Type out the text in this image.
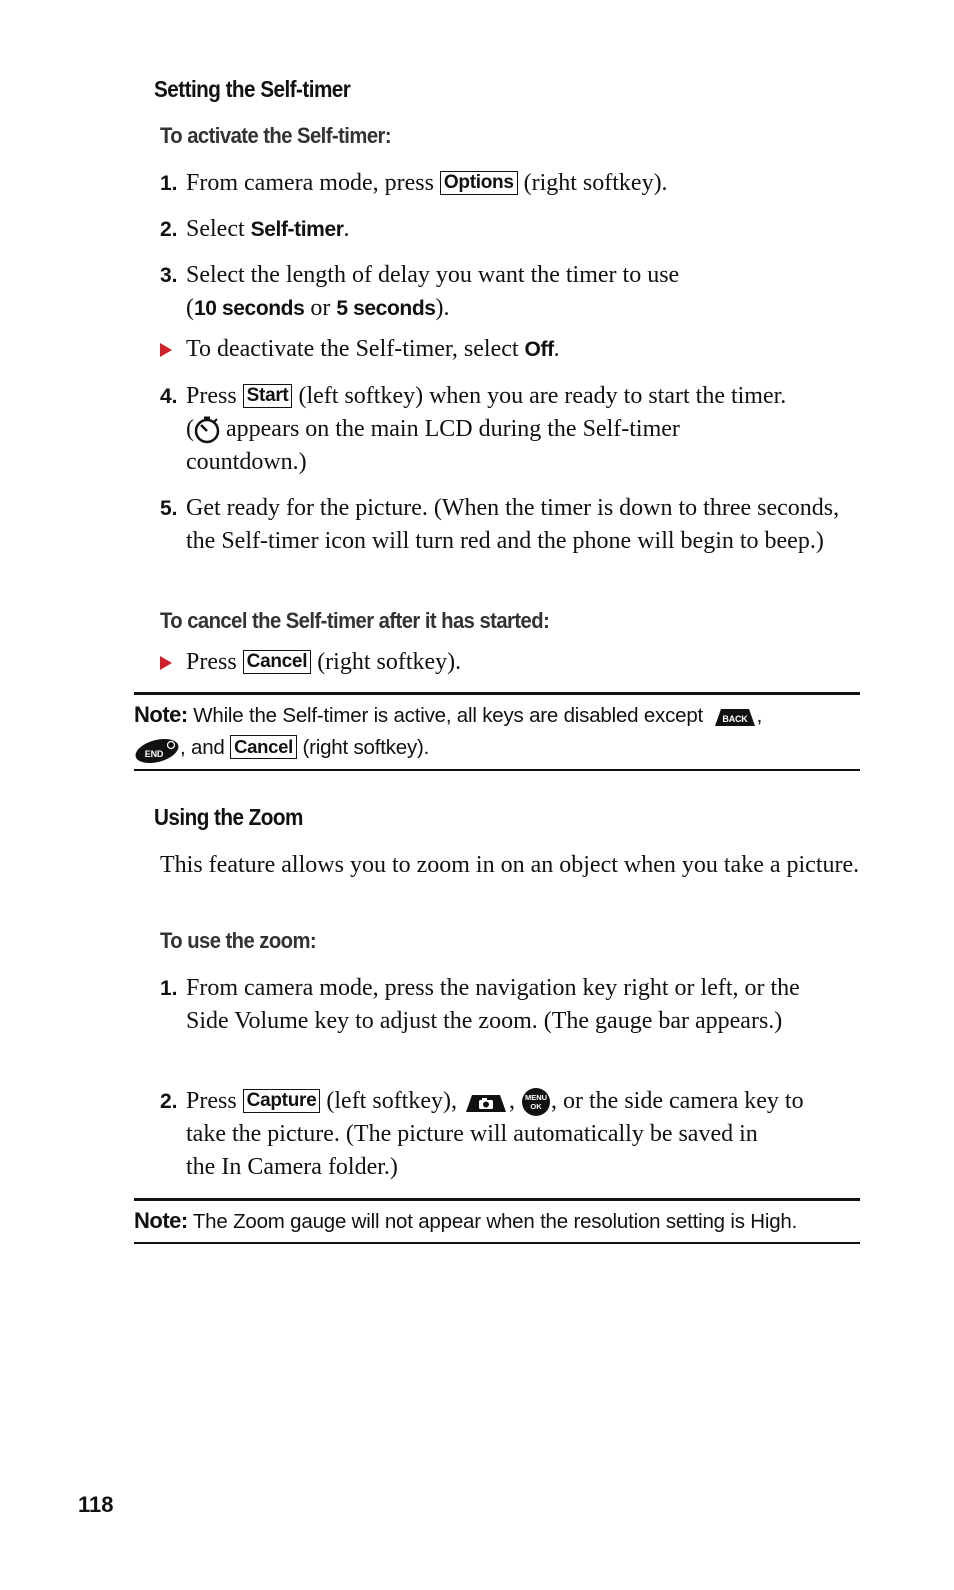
Setting the Self-timer
To activate the Self-timer:
1. From camera mode, press Options (right softkey).
2. Select Self-timer.
3. Select the length of delay you want the timer to use
(10 seconds or 5 seconds).
To deactivate the Self-timer, select Off.
4. Press Start (left softkey) when you are ready to start the timer.
( appears on the main LCD during the Self-timer
countdown.)
5. Get ready for the picture. (When the timer is down to three seconds, the Self-timer icon will turn red and the phone will begin to beep.)
To cancel the Self-timer after it has started:
Press Cancel (right softkey).
Note: While the Self-timer is active, all keys are disabled except BACK ,
END , and Cancel (right softkey).
Using the Zoom
This feature allows you to zoom in on an object when you take a picture.
To use the zoom:
1. From camera mode, press the navigation key right or left, or the Side Volume key to adjust the zoom. (The gauge bar appears.)
2. Press Capture (left softkey), , MENU
OK , or the side camera key to
take the picture. (The picture will automatically be saved in
the In Camera folder.)
Note: The Zoom gauge will not appear when the resolution setting is High.
118
